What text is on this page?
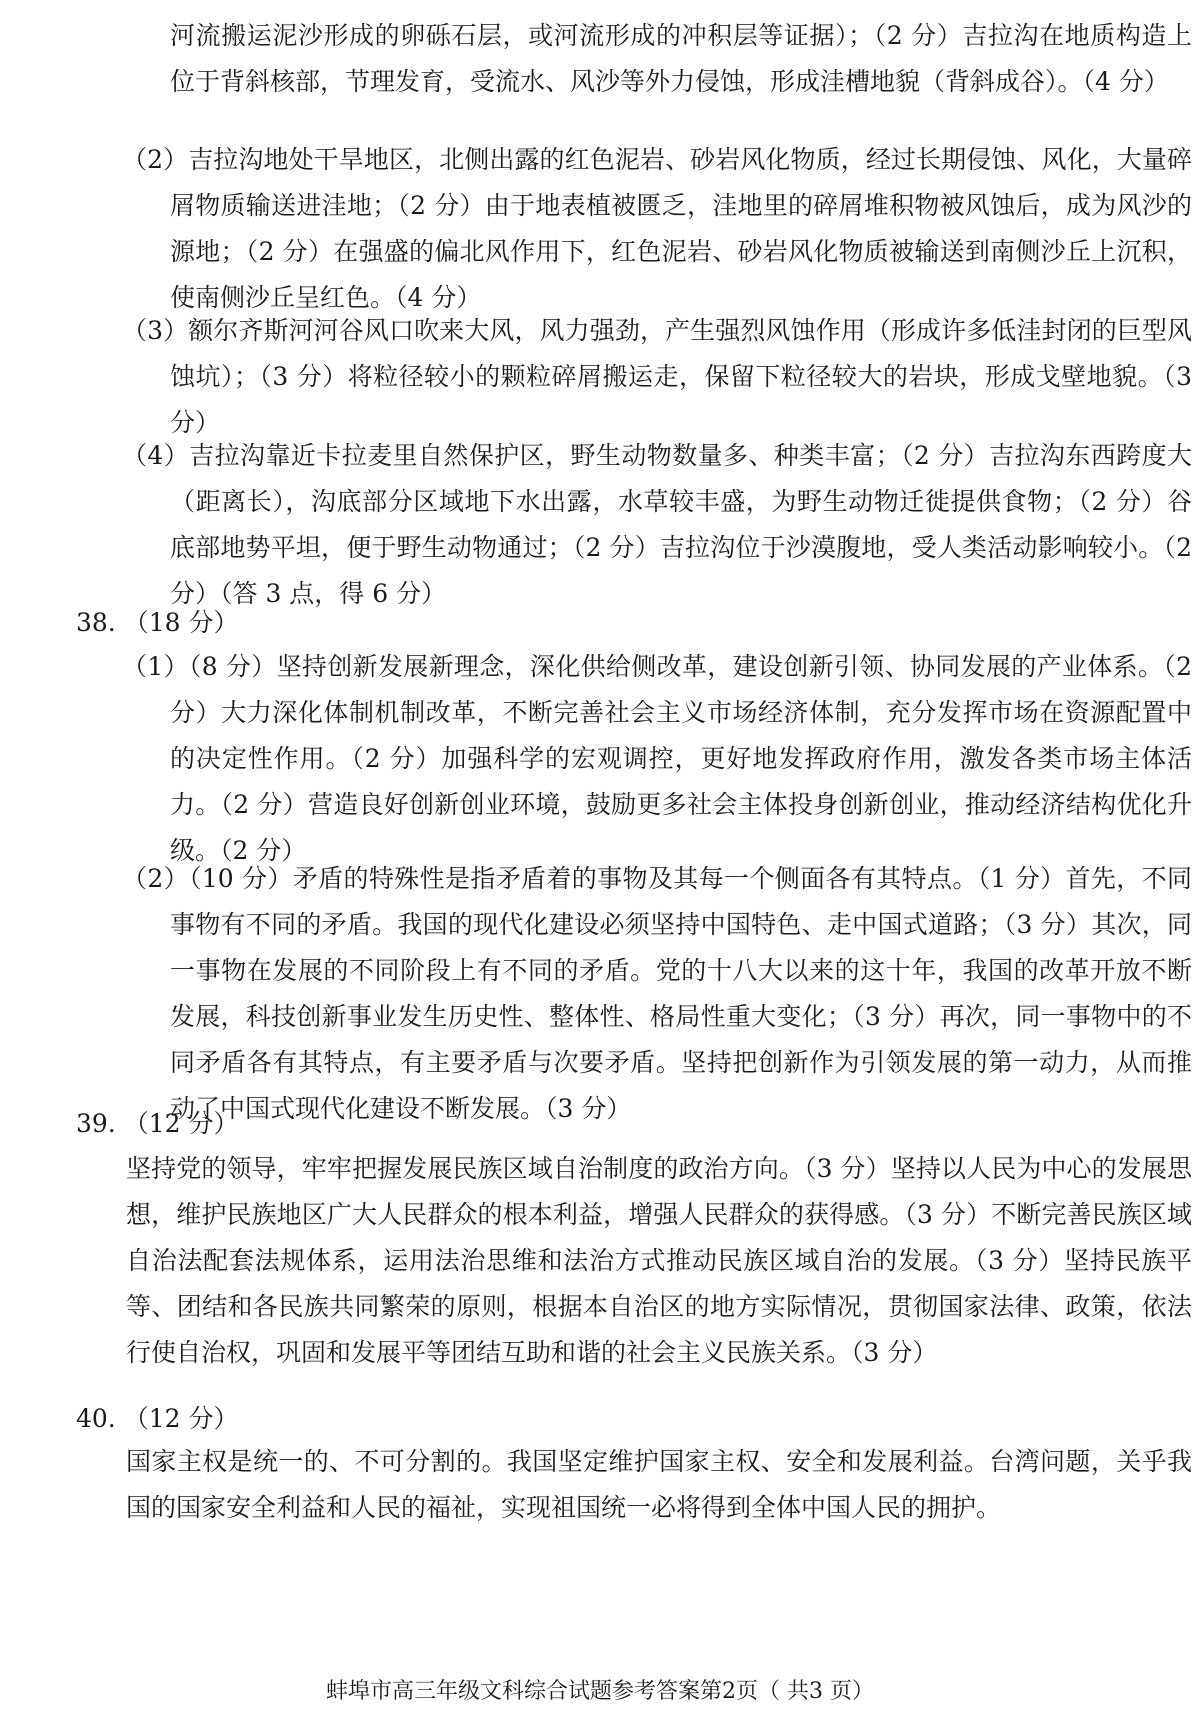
河流搬运泥沙形成的卵砾石层，或河流形成的冲积层等证据）；（2 分）吉拉沟在地质构造上位于背斜核部，节理发育，受流水、风沙等外力侵蚀，形成洼槽地貌（背斜成谷）。（4 分）

（2）吉拉沟地处干旱地区，北侧出露的红色泥岩、砂岩风化物质，经过长期侵蚀、风化，大量碎屑物质输送进洼地；（2 分）由于地表植被匮乏，洼地里的碎屑堆积物被风蚀后，成为风沙的源地；（2 分）在强盛的偏北风作用下，红色泥岩、砂岩风化物质被输送到南侧沙丘上沉积，使南侧沙丘呈红色。（4 分）

（3）额尔齐斯河河谷风口吹来大风，风力强劲，产生强烈风蚀作用（形成许多低洼封闭的巨型风蚀坑）；（3 分）将粒径较小的颗粒碎屑搬运走，保留下粒径较大的岩块，形成戈壁地貌。（3 分）

（4）吉拉沟靠近卡拉麦里自然保护区，野生动物数量多、种类丰富；（2 分）吉拉沟东西跨度大（距离长），沟底部分区域地下水出露，水草较丰盛，为野生动物迁徙提供食物；（2 分）谷底部地势平坦，便于野生动物通过；（2 分）吉拉沟位于沙漠腹地，受人类活动影响较小。（2 分）（答 3 点，得 6 分）

38. （18 分）

（1）（8 分）坚持创新发展新理念，深化供给侧改革，建设创新引领、协同发展的产业体系。（2 分）大力深化体制机制改革，不断完善社会主义市场经济体制，充分发挥市场在资源配置中的决定性作用。（2 分）加强科学的宏观调控，更好地发挥政府作用，激发各类市场主体活力。（2 分）营造良好创新创业环境，鼓励更多社会主体投身创新创业，推动经济结构优化升级。（2 分）

（2）（10 分）矛盾的特殊性是指矛盾着的事物及其每一个侧面各有其特点。（1 分）首先，不同事物有不同的矛盾。我国的现代化建设必须坚持中国特色、走中国式道路；（3 分）其次，同一事物在发展的不同阶段上有不同的矛盾。党的十八大以来的这十年，我国的改革开放不断发展，科技创新事业发生历史性、整体性、格局性重大变化；（3 分）再次，同一事物中的不同矛盾各有其特点，有主要矛盾与次要矛盾。坚持把创新作为引领发展的第一动力，从而推动了中国式现代化建设不断发展。（3 分）

39. （12 分）

坚持党的领导，牢牢把握发展民族区域自治制度的政治方向。（3 分）坚持以人民为中心的发展思想，维护民族地区广大人民群众的根本利益，增强人民群众的获得感。（3 分）不断完善民族区域自治法配套法规体系，运用法治思维和法治方式推动民族区域自治的发展。（3 分）坚持民族平等、团结和各民族共同繁荣的原则，根据本自治区的地方实际情况，贯彻国家法律、政策，依法行使自治权，巩固和发展平等团结互助和谐的社会主义民族关系。（3 分）

40. （12 分）

国家主权是统一的、不可分割的。我国坚定维护国家主权、安全和发展利益。台湾问题，关乎我国的国家安全利益和人民的福祉，实现祖国统一必将得到全体中国人民的拥护。

蚌埠市高三年级文科综合试题参考答案第2页（ 共3 页）
